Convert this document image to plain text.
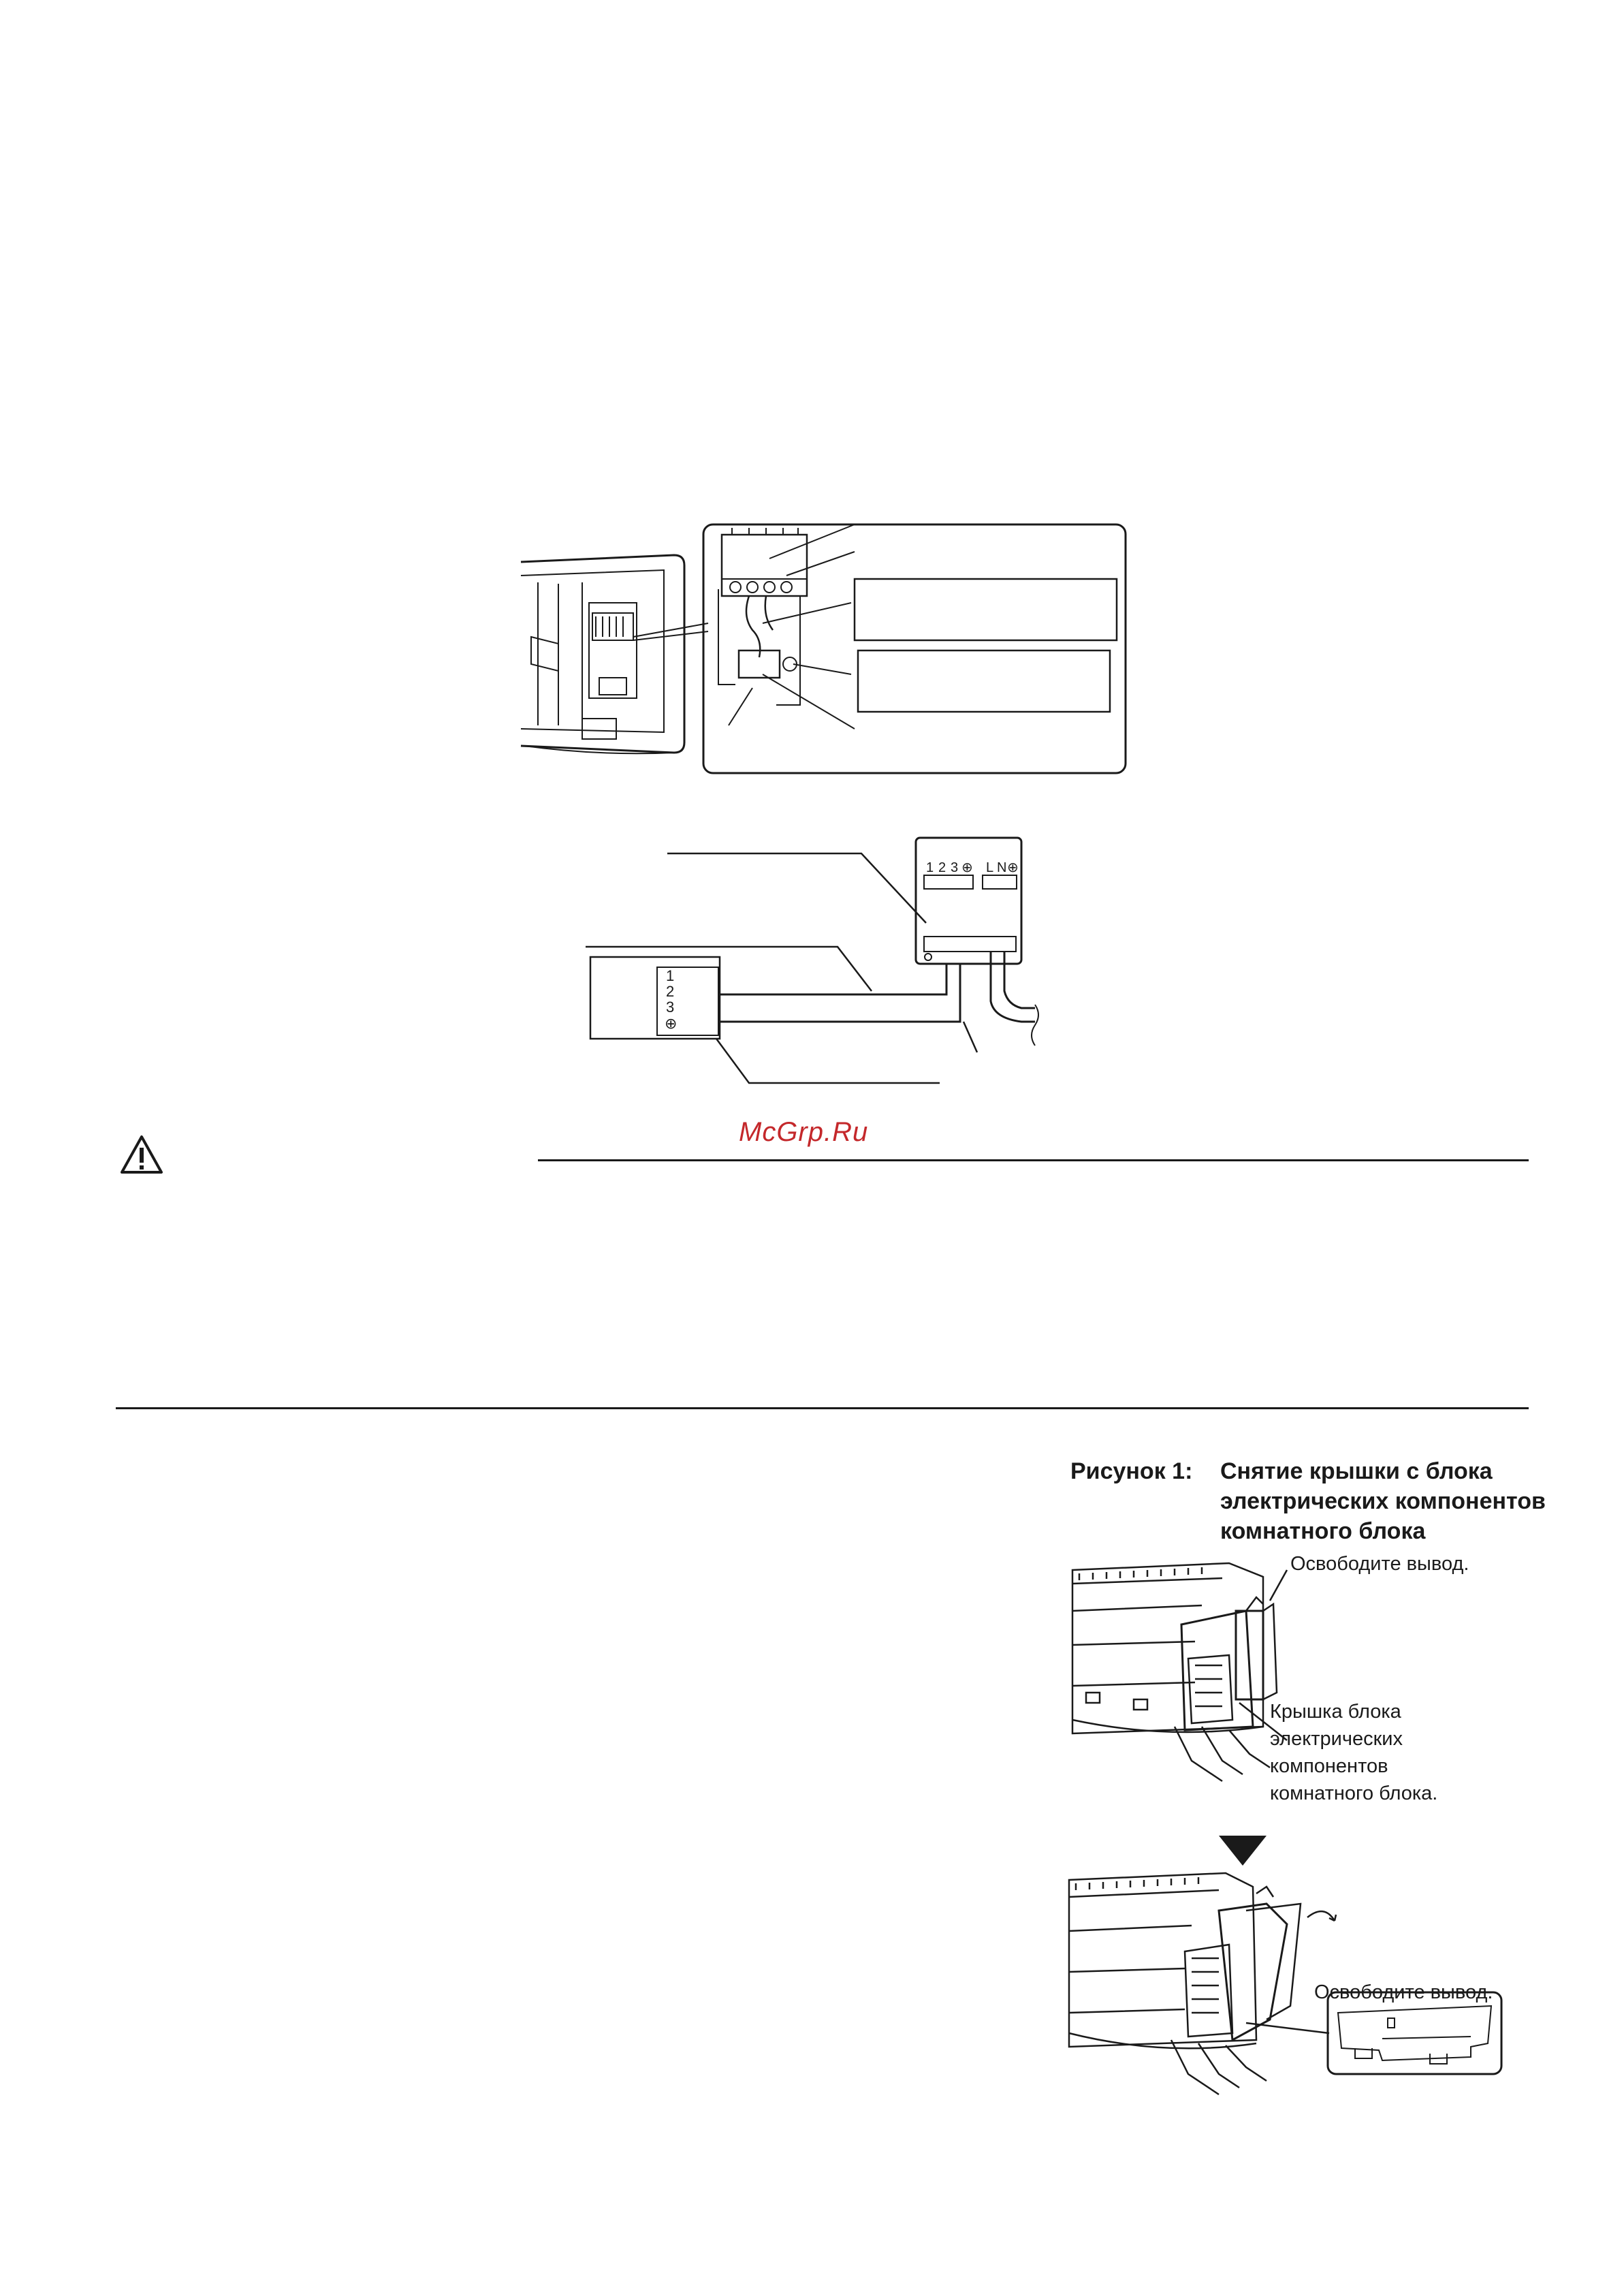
1 2 3 ⊕ L N ⊕
1
2
3
⊕
McGrp.Ru
Рисунок 1: Снятие крышки с блока
электрических компонентов
комнатного блока
Освободите вывод.
Крышка блока
электрических
компонентов
комнатного блока.
Освободите вывод.
